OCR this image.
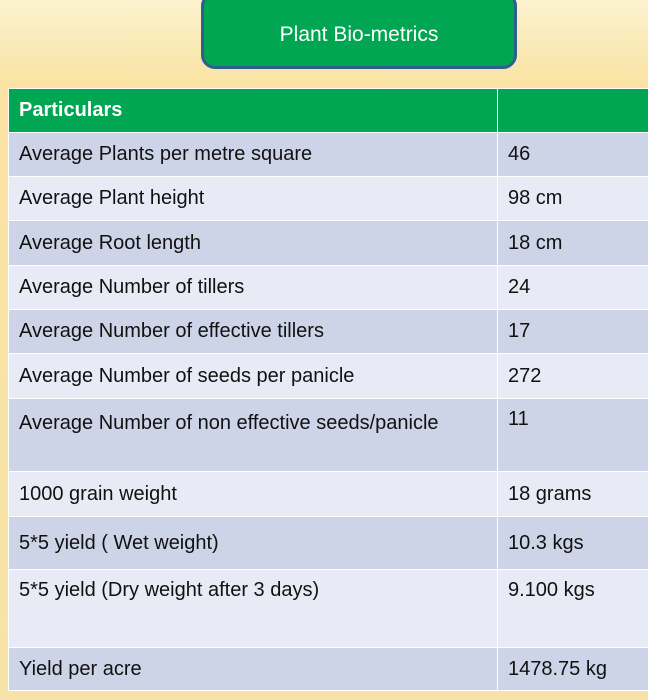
Plant Bio-metrics
Particulars	
Average Plants per metre square	46
Average Plant height	98 cm
Average Root length	18 cm
Average Number of tillers	24
Average Number of effective tillers	17
Average Number of seeds per panicle	272
Average Number of non effective seeds/panicle	11
1000 grain weight	18 grams
5*5 yield ( Wet weight)	10.3 kgs
5*5 yield (Dry weight after 3 days)	9.100 kgs
Yield per acre	1478.75 kg
